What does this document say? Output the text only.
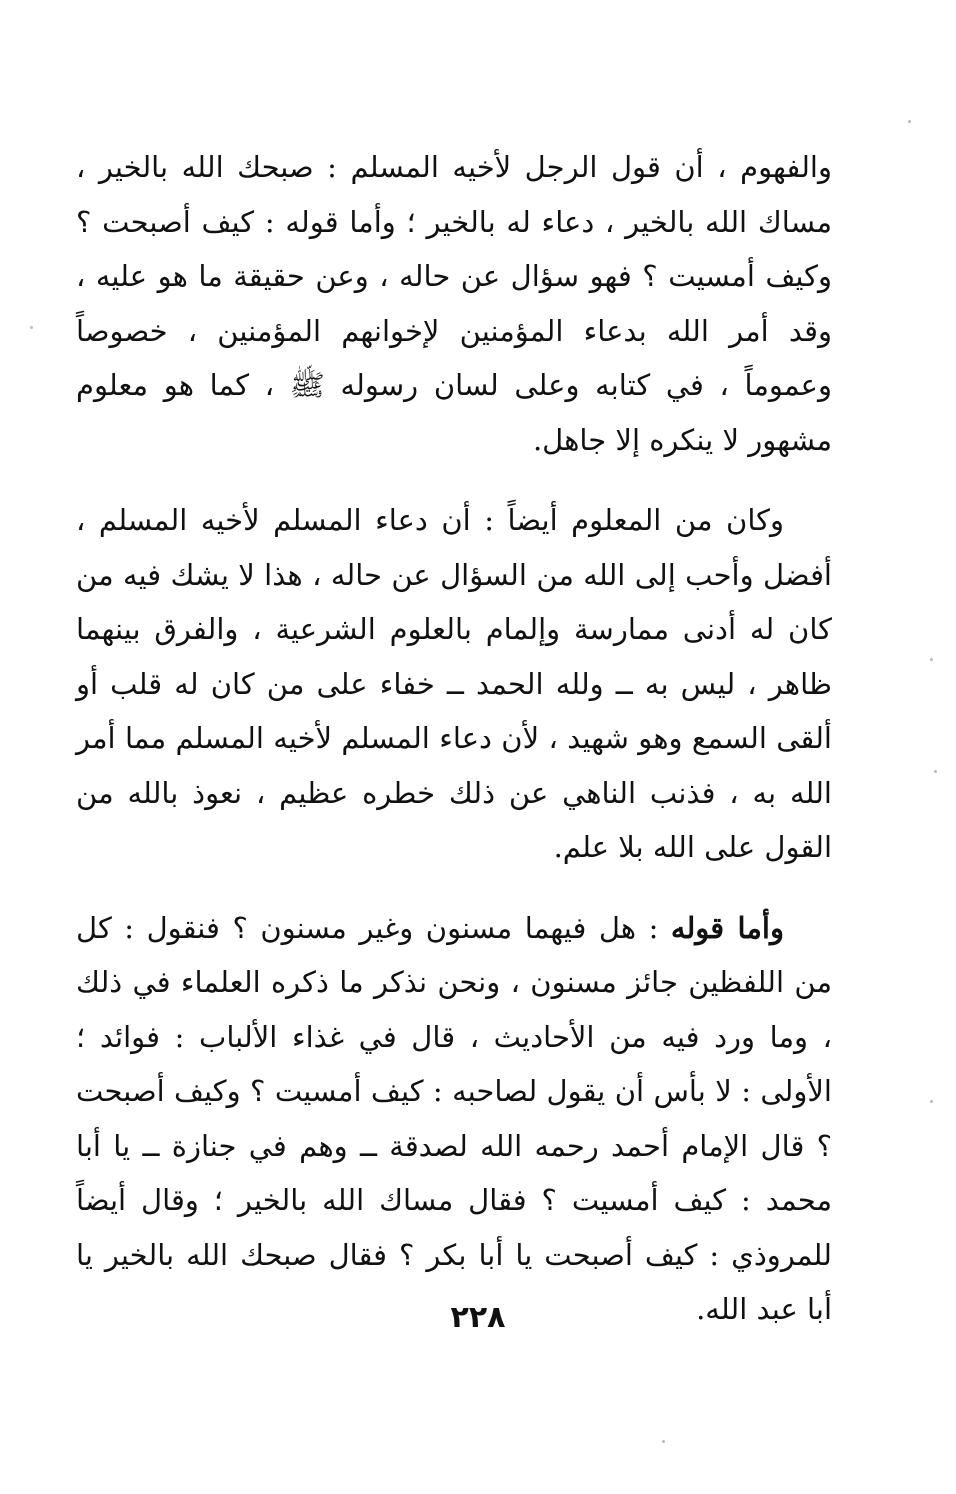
والفهوم ، أن قول الرجل لأخيه المسلم : صبحك الله بالخير ، مساك الله بالخير ، دعاء له بالخير ؛ وأما قوله : كيف أصبحت ؟ وكيف أمسيت ؟ فهو سؤال عن حاله ، وعن حقيقة ما هو عليه ، وقد أمر الله بدعاء المؤمنين لإخوانهم المؤمنين ، خصوصاً وعموماً ، في كتابه وعلى لسان رسوله ﷺ ، كما هو معلوم مشهور لا ينكره إلا جاهل.

وكان من المعلوم أيضاً : أن دعاء المسلم لأخيه المسلم ، أفضل وأحب إلى الله من السؤال عن حاله ، هذا لا يشك فيه من كان له أدنى ممارسة وإلمام بالعلوم الشرعية ، والفرق بينهما ظاهر ، ليس به ــ ولله الحمد ــ خفاء على من كان له قلب أو ألقى السمع وهو شهيد ، لأن دعاء المسلم لأخيه المسلم مما أمر الله به ، فذنب الناهي عن ذلك خطره عظيم ، نعوذ بالله من القول على الله بلا علم.

وأما قوله : هل فيهما مسنون وغير مسنون ؟ فنقول : كل من اللفظين جائز مسنون ، ونحن نذكر ما ذكره العلماء في ذلك ، وما ورد فيه من الأحاديث ، قال في غذاء الألباب : فوائد ؛ الأولى : لا بأس أن يقول لصاحبه : كيف أمسيت ؟ وكيف أصبحت ؟ قال الإمام أحمد رحمه الله لصدقة ــ وهم في جنازة ــ يا أبا محمد : كيف أمسيت ؟ فقال مساك الله بالخير ؛ وقال أيضاً للمروذي : كيف أصبحت يا أبا بكر ؟ فقال صبحك الله بالخير يا أبا عبد الله.

٢٢٨
